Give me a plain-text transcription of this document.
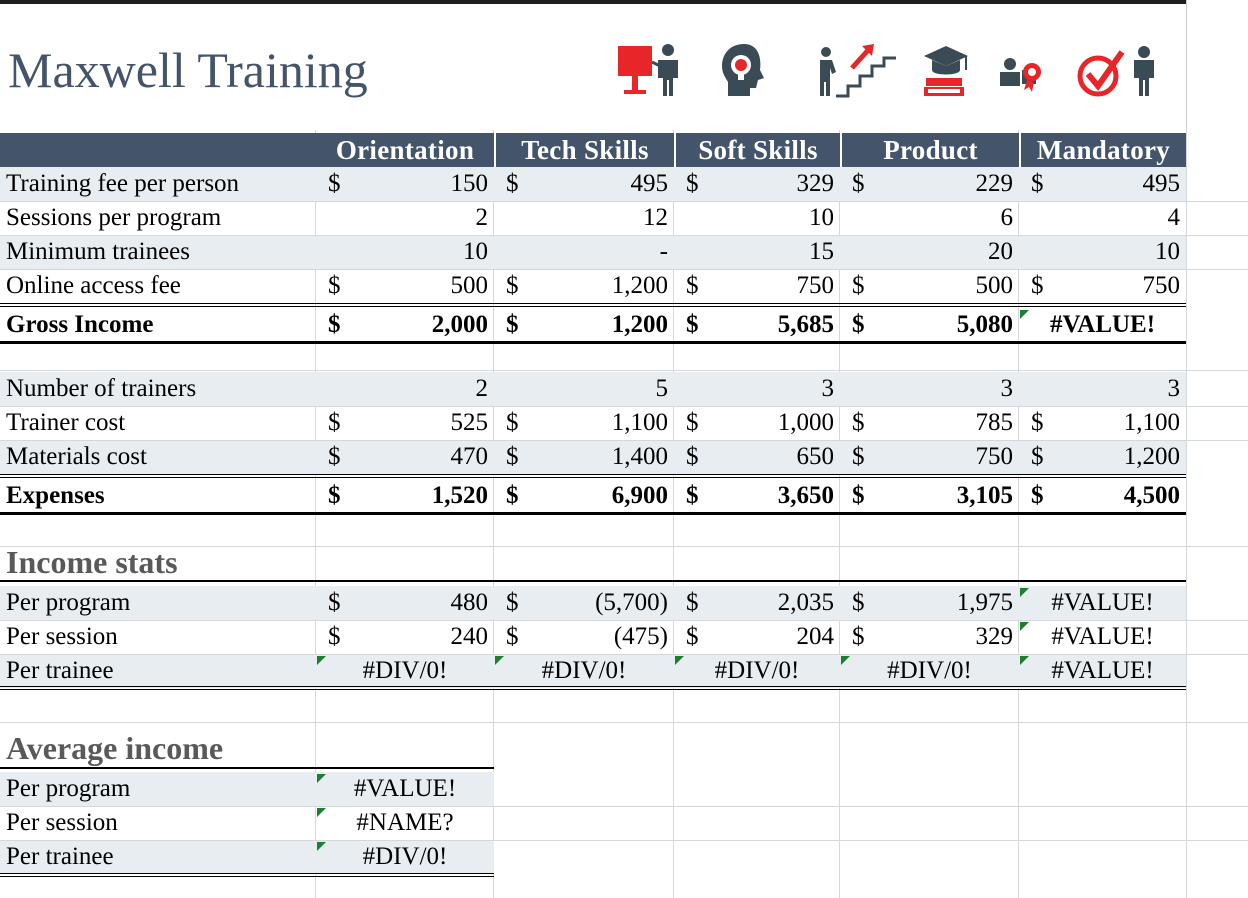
Maxwell Training
Orientation	Tech Skills	Soft Skills	Product	Mandatory
Training fee per person	$	150 $	495 $	329 $	229 $	495
Sessions per program	2	12	10	6	4
Minimum trainees	10	-	15	20	10
Online access fee	$	500 $	1,200 $	750 $	500 $	750
Gross Income	$	2,000 $	1,200 $	5,685 $	5,080	#VALUE!
Number of trainers	2	5	3	3	3
Trainer cost	$	525 $	1,100 $	1,000 $	785 $	1,100
Materials cost	$	470 $	1,400 $	650 $	750 $	1,200
Expenses	$	1,520 $	6,900 $	3,650 $	3,105 $	4,500
Per program	$	480 $	(5,700) $	2,035 $	1,975	#VALUE!
Per session	$	240 $	(475) $	204 $	329	#VALUE!
Per trainee	#DIV/0!	#DIV/0!	#DIV/0!	#DIV/0!	#VALUE!
Per program	#VALUE!
Per session	#NAME?
Per trainee	#DIV/0!
Income stats
Average income
